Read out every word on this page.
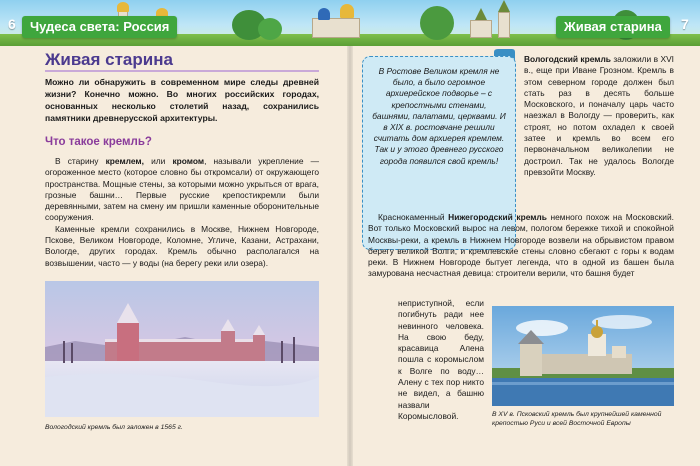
6	Чудеса света: Россия	Живая старина	7
Живая старина
Можно ли обнаружить в современном мире следы древней жизни? Конечно можно. Во многих российских городах, основанных несколько столетий назад, сохранились памятники древнерусской архитектуры.
Что такое кремль?

В старину кремлем, или кромом, называли укрепление — огороженное место (которое словно бы откромсали) от окружающего пространства. Мощные стены, за которыми можно укрыться от врага, грозные башни… Первые русские крепостикремли были деревянными, затем на смену им пришли каменные оборонительные сооружения.

Каменные кремли сохранились в Москве, Нижнем Новгороде, Пскове, Великом Новгороде, Коломне, Угличе, Казани, Астрахани, Вологде, других городах. Кремль обычно располагался на возвышении, часто — у воды (на берегу реки или озера).

Вологодский кремль был заложен в 1565 г.
В Ростове Великом кремля не было, а было огромное архиерейское подворье – с крепостными стенами, башнями, палатами, церквами. И в XIX в. ростовчане решили считать дом архиерея кремлем. Так и у этого древнего русского города появился свой кремль!

Вологодский кремль заложили в XVI в., еще при Иване Грозном. Кремль в этом северном городе должен был стать раз в десять больше Московского, и поначалу царь часто наезжал в Вологду — проверить, как строят, но потом охладел к своей затее и кремль во всем его первоначальном великолепии не достроил. Так не удалось Вологде превзойти Москву.

Краснокаменный Нижегородский кремль немного похож на Московский. Вот только Московский вырос на левом, пологом бережке тихой и спокойной Москвы-реки, а кремль в Нижнем Новгороде возвели на обрывистом правом берегу великой Волги, и кремлевские стены словно сбегают с горы к водам реки. В Нижнем Новгороде бытует легенда, что в одной из башен была замурована несчастная девица: строители верили, что башня будет

неприступной, если погибнуть ради нее невинного человека. На свою беду, красавица Алена пошла с коромыслом к Волге по воду… Алену с тех пор никто не видел, а башню назвали Коромысловой.	В XV в. Псковский кремль был крупнейшей каменной крепостью Руси и всей Восточной Европы
